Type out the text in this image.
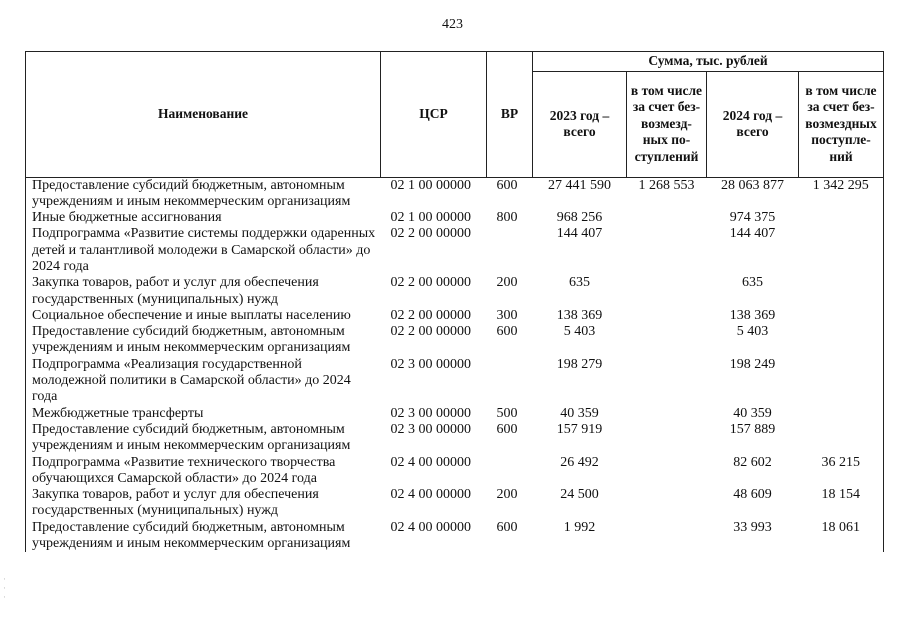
423
Наименование	ЦСР	ВР	Сумма, тыс. рублей			
			2023 год – всего	в том числе за счет без-возмезд-ных по-ступлений	2024 год – всего	в том числе за счет без-возмездных поступле-ний
Предоставление субсидий бюджетным, автономным учреждениям и иным некоммерческим организациям	02 1 00 00000	600	27 441 590	1 268 553	28 063 877	1 342 295
Иные бюджетные ассигнования	02 1 00 00000	800	968 256		974 375	
Подпрограмма «Развитие системы поддержки одаренных детей и талантливой молодежи в Самарской области» до 2024 года	02 2 00 00000		144 407		144 407	
Закупка товаров, работ и услуг для обеспечения государственных (муниципальных) нужд	02 2 00 00000	200	635		635	
Социальное обеспечение и иные выплаты населению	02 2 00 00000	300	138 369		138 369	
Предоставление субсидий бюджетным, автономным учреждениям и иным некоммерческим организациям	02 2 00 00000	600	5 403		5 403	
Подпрограмма «Реализация государственной молодежной политики в Самарской области» до 2024 года	02 3 00 00000		198 279		198 249	
Межбюджетные трансферты	02 3 00 00000	500	40 359		40 359	
Предоставление субсидий бюджетным, автономным учреждениям и иным некоммерческим организациям	02 3 00 00000	600	157 919		157 889	
Подпрограмма «Развитие технического творчества обучающихся Самарской области» до 2024 года	02 4 00 00000		26 492		82 602	36 215
Закупка товаров, работ и услуг для обеспечения государственных (муниципальных) нужд	02 4 00 00000	200	24 500		48 609	18 154
Предоставление субсидий бюджетным, автономным учреждениям и иным некоммерческим организациям	02 4 00 00000	600	1 992		33 993	18 061
·
·
·
